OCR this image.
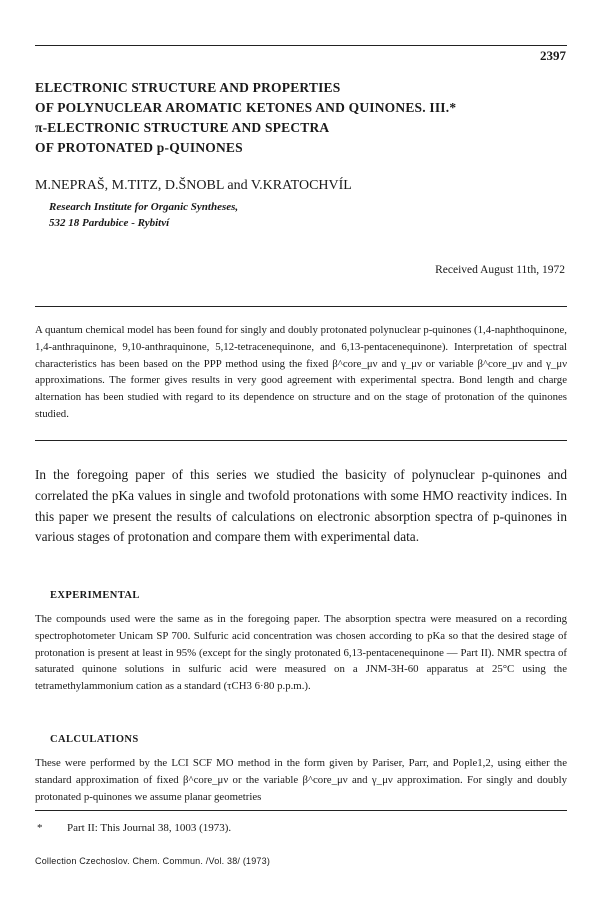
2397
ELECTRONIC STRUCTURE AND PROPERTIES
OF POLYNUCLEAR AROMATIC KETONES AND QUINONES. III.*
π-ELECTRONIC STRUCTURE AND SPECTRA
OF PROTONATED p-QUINONES
M.NEPRAŠ, M.TITZ, D.ŠNOBL and V.KRATOCHVÍL
Research Institute for Organic Syntheses,
532 18 Pardubice - Rybitví
Received August 11th, 1972

A quantum chemical model has been found for singly and doubly protonated polynuclear p-quinones (1,4-naphthoquinone, 1,4-anthraquinone, 9,10-anthraquinone, 5,12-tetracenequinone, and 6,13-pentacenequinone). Interpretation of spectral characteristics has been based on the PPP method using the fixed β^core_μν and γ_μν or variable β^core_μν and γ_μν approximations. The former gives results in very good agreement with experimental spectra. Bond length and charge alternation has been studied with regard to its dependence on structure and on the stage of protonation of the quinones studied.

In the foregoing paper of this series we studied the basicity of polynuclear p-quinones and correlated the pKa values in single and twofold protonations with some HMO reactivity indices. In this paper we present the results of calculations on electronic absorption spectra of p-quinones in various stages of protonation and compare them with experimental data.

EXPERIMENTAL

The compounds used were the same as in the foregoing paper. The absorption spectra were measured on a recording spectrophotometer Unicam SP 700. Sulfuric acid concentration was chosen according to pKa so that the desired stage of protonation is present at least in 95% (except for the singly protonated 6,13-pentacenequinone — Part II). NMR spectra of saturated quinone solutions in sulfuric acid were measured on a JNM-3H-60 apparatus at 25°C using the tetramethylammonium cation as a standard (τCH3 6·80 p.p.m.).

CALCULATIONS

These were performed by the LCI SCF MO method in the form given by Pariser, Parr, and Pople1,2, using either the standard approximation of fixed β^core_μν or the variable β^core_μν and γ_μν approximation. For singly and doubly protonated p-quinones we assume planar geometries

* Part II: This Journal 38, 1003 (1973).
Collection Czechoslov. Chem. Commun. /Vol. 38/ (1973)
